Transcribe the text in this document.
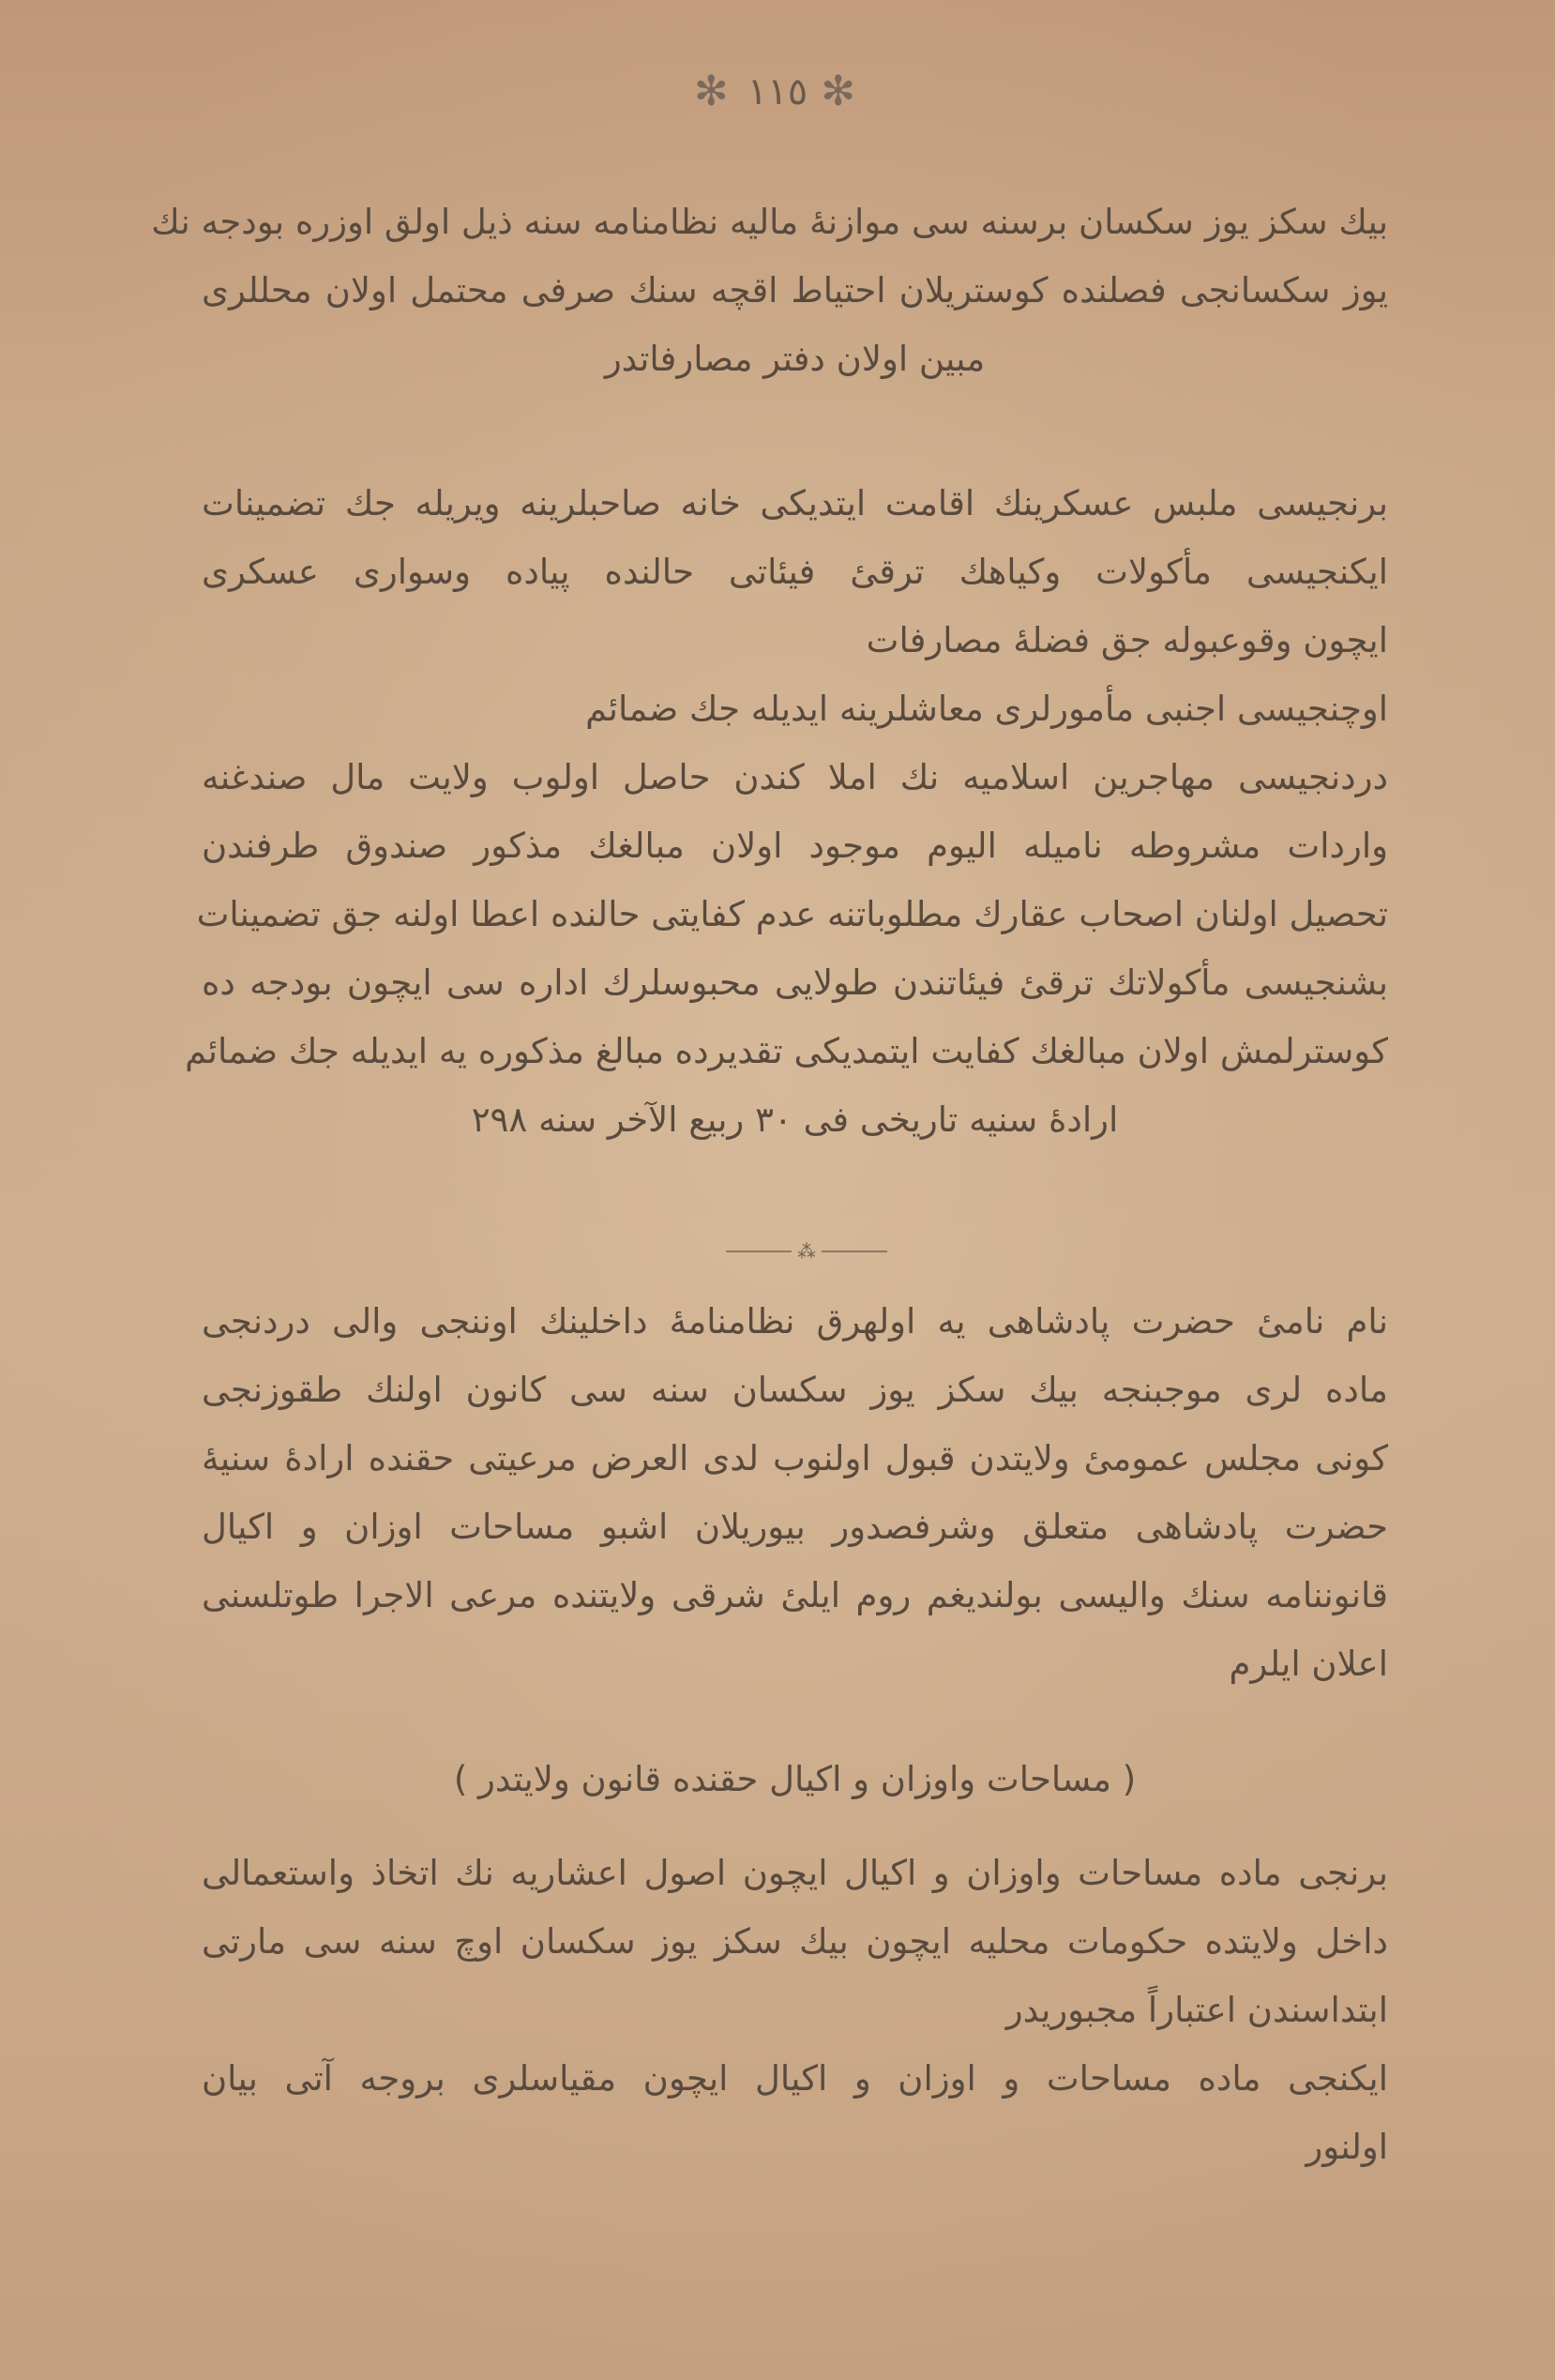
✻ ١١٥ ✻
بيك سكز يوز سكسان برسنه سی موازنهٔ ماليه نظامنامه سنه ذيل اولق اوزره بودجه نك
يوز سكسانجی فصلنده كوستريلان احتياط اقچه سنك صرفی محتمل اولان محللری
مبين اولان دفتر مصارفاتدر
برنجيسی ملبس عسكرينك اقامت ايتديكی خانه صاحبلرينه ويريله جك تضمينات
ايكنجيسی مأكولات وكياهك ترقیٔ فيئاتی حالنده پياده وسواری عسكری
ايچون وقوعبوله جق فضلهٔ مصارفات
اوچنجيسی اجنبی مأمورلری معاشلرينه ايديله جك ضمائم
دردنجيسی مهاجرين اسلاميه نك املا كندن حاصل اولوب ولايت مال صندغنه
واردات مشروطه ناميله اليوم موجود اولان مبالغك مذكور صندوق طرفندن
تحصيل اولنان اصحاب عقارك مطلوباتنه عدم كفايتی حالنده اعطا اولنه جق تضمينات
بشنجيسی مأكولاتك ترقیٔ فيئاتندن طولايی محبوسلرك اداره سی ايچون بودجه ده
كوسترلمش اولان مبالغك كفايت ايتمديكی تقديرده مبالغ مذكوره يه ايديله جك ضمائم
ارادهٔ سنيه تاريخی فی ٣٠ ربيع الآخر سنه ٢٩٨
⁂
نام نامیٔ حضرت پادشاهی يه اولهرق نظامنامهٔ داخلينك اوننجی والى دردنجی
ماده لری موجبنجه بيك سكز يوز سكسان سنه سی كانون اولنك طقوزنجی
كونی مجلس عمومیٔ ولايتدن قبول اولنوب لدى العرض مرعيتی حقنده ارادهٔ سنيهٔ
حضرت پادشاهی متعلق وشرفصدور بيوريلان اشبو مساحات اوزان و اكيال
قانوننامه سنك واليسی بولنديغم روم ايلیٔ شرقی ولايتنده مرعی الاجرا طوتلسنی
اعلان ايلرم
( مساحات واوزان و اكيال حقنده قانون ولايتدر )
برنجی ماده مساحات واوزان و اكيال ايچون اصول اعشاريه نك اتخاذ واستعمالی
داخل ولايتده حكومات محليه ايچون بيك سكز يوز سكسان اوچ سنه سی مارتی
ابتداسندن اعتباراً مجبوريدر
ايكنجی ماده مساحات و اوزان و اكيال ايچون مقياسلری بروجه آتی بيان
اولنور
